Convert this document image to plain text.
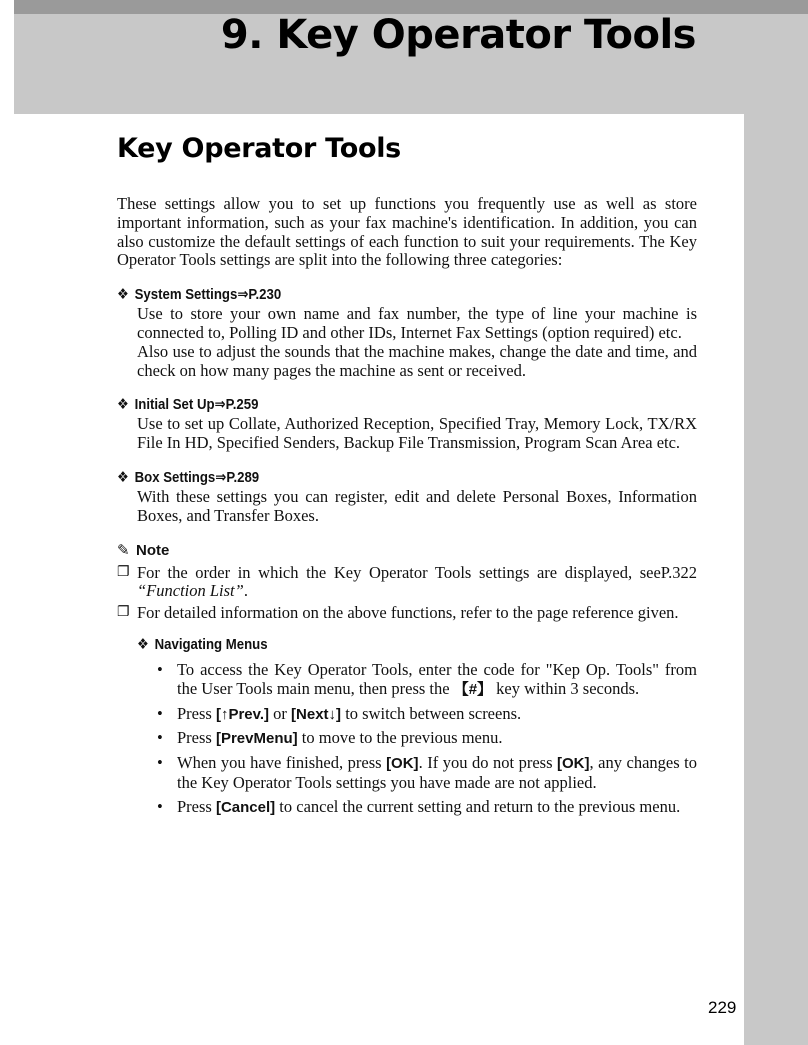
9. Key Operator Tools
Key Operator Tools

These settings allow you to set up functions you frequently use as well as store important information, such as your fax machine's identification. In addition, you can also customize the default settings of each function to suit your requirements. The Key Operator Tools settings are split into the following three categories:

❖ System Settings⇒P.230
Use to store your own name and fax number, the type of line your machine is connected to, Polling ID and other IDs, Internet Fax Settings (option required) etc.
Also use to adjust the sounds that the machine makes, change the date and time, and check on how many pages the machine as sent or received.
❖ Initial Set Up⇒P.259
Use to set up Collate, Authorized Reception, Specified Tray, Memory Lock, TX/RX File In HD, Specified Senders, Backup File Transmission, Program Scan Area etc.
❖ Box Settings⇒P.289
With these settings you can register, edit and delete Personal Boxes, Information Boxes, and Transfer Boxes.
✎ Note
❐ For the order in which the Key Operator Tools settings are displayed, seeP.322 “Function List”.
❐ For detailed information on the above functions, refer to the page reference given.
❖ Navigating Menus
• To access the Key Operator Tools, enter the code for "Kep Op. Tools" from the User Tools main menu, then press the 【#】 key within 3 seconds.
• Press [↑Prev.] or [Next↓] to switch between screens.
• Press [PrevMenu] to move to the previous menu.
• When you have finished, press [OK]. If you do not press [OK], any changes to the Key Operator Tools settings you have made are not applied.
• Press [Cancel] to cancel the current setting and return to the previous menu.
229
